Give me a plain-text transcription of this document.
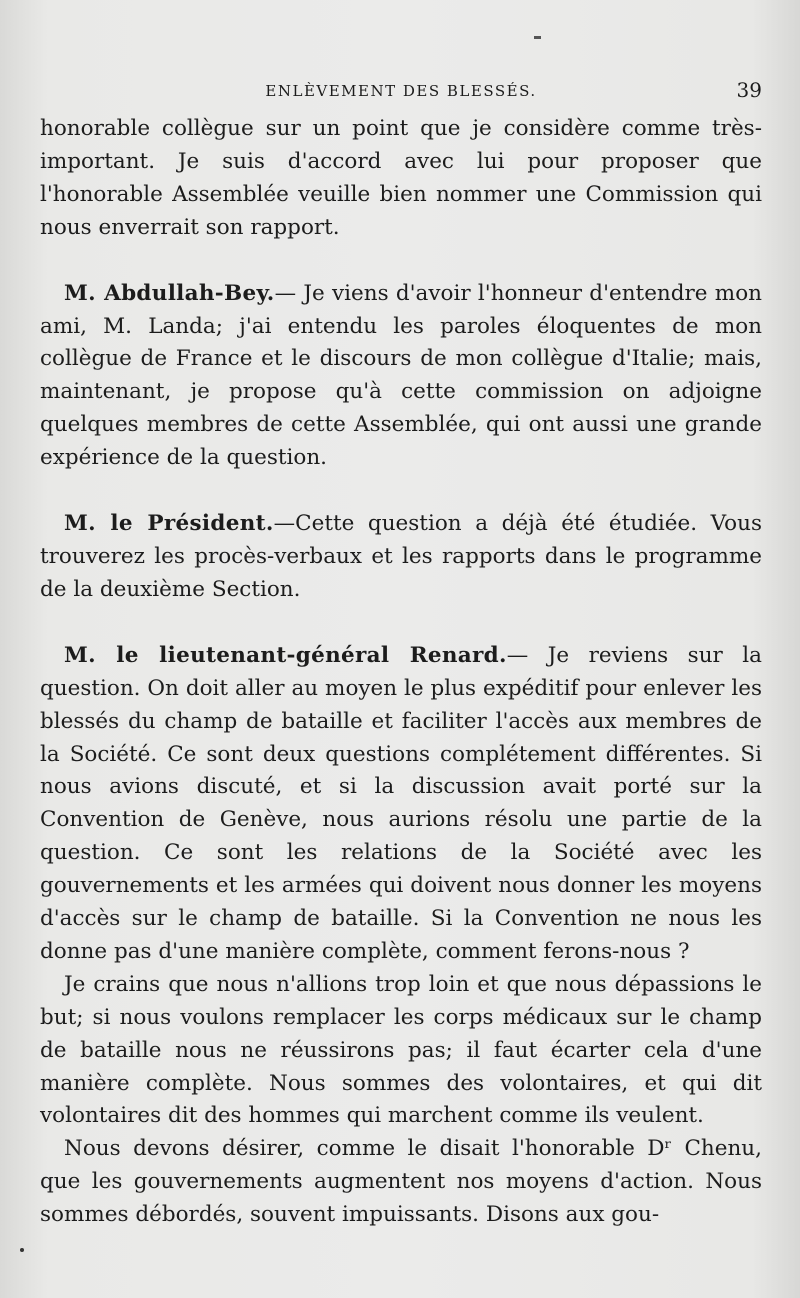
ENLÈVEMENT DES BLESSÉS.	39

honorable collègue sur un point que je considère comme très-important. Je suis d'accord avec lui pour proposer que l'honorable Assemblée veuille bien nommer une Commission qui nous enverrait son rapport.

M. Abdullah-Bey.— Je viens d'avoir l'honneur d'entendre mon ami, M. Landa; j'ai entendu les paroles éloquentes de mon collègue de France et le discours de mon collègue d'Italie; mais, maintenant, je propose qu'à cette commission on adjoigne quelques membres de cette Assemblée, qui ont aussi une grande expérience de la question.

M. le Président.—Cette question a déjà été étudiée. Vous trouverez les procès-verbaux et les rapports dans le programme de la deuxième Section.

M. le lieutenant-général Renard.— Je reviens sur la question. On doit aller au moyen le plus expéditif pour enlever les blessés du champ de bataille et faciliter l'accès aux membres de la Société. Ce sont deux questions complétement différentes. Si nous avions discuté, et si la discussion avait porté sur la Convention de Genève, nous aurions résolu une partie de la question. Ce sont les relations de la Société avec les gouvernements et les armées qui doivent nous donner les moyens d'accès sur le champ de bataille. Si la Convention ne nous les donne pas d'une manière complète, comment ferons-nous ?

Je crains que nous n'allions trop loin et que nous dépassions le but; si nous voulons remplacer les corps médicaux sur le champ de bataille nous ne réussirons pas; il faut écarter cela d'une manière complète. Nous sommes des volontaires, et qui dit volontaires dit des hommes qui marchent comme ils veulent.

Nous devons désirer, comme le disait l'honorable Dʳ Chenu, que les gouvernements augmentent nos moyens d'action. Nous sommes débordés, souvent impuissants. Disons aux gou-
